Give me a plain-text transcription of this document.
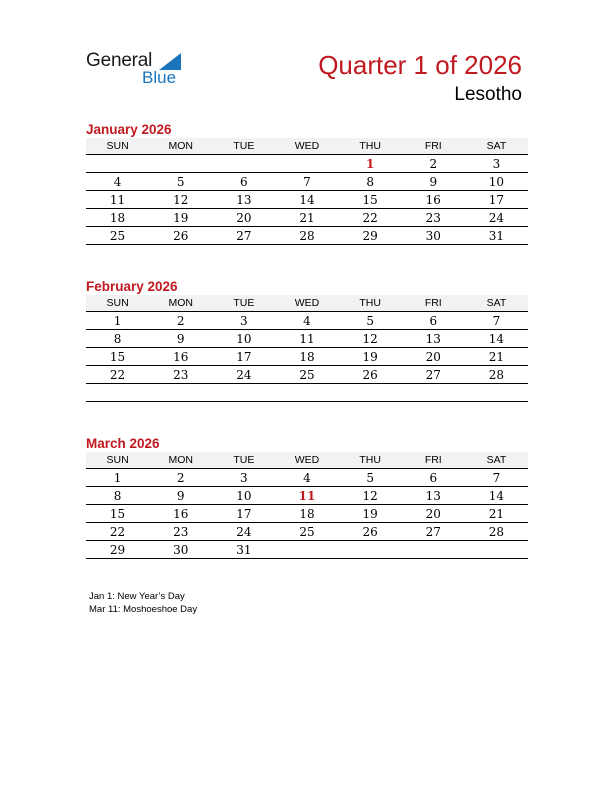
General
Blue	Quarter 1 of 2026
Lesotho
January 2026
SUN	MON	TUE	WED	THU	FRI	SAT
				1	2	3
4	5	6	7	8	9	10
11	12	13	14	15	16	17
18	19	20	21	22	23	24
25	26	27	28	29	30	31
February 2026
SUN	MON	TUE	WED	THU	FRI	SAT
1	2	3	4	5	6	7
8	9	10	11	12	13	14
15	16	17	18	19	20	21
22	23	24	25	26	27	28

March 2026
SUN	MON	TUE	WED	THU	FRI	SAT
1	2	3	4	5	6	7
8	9	10	11	12	13	14
15	16	17	18	19	20	21
22	23	24	25	26	27	28
29	30	31				
Jan 1: New Year’s Day
Mar 11: Moshoeshoe Day
